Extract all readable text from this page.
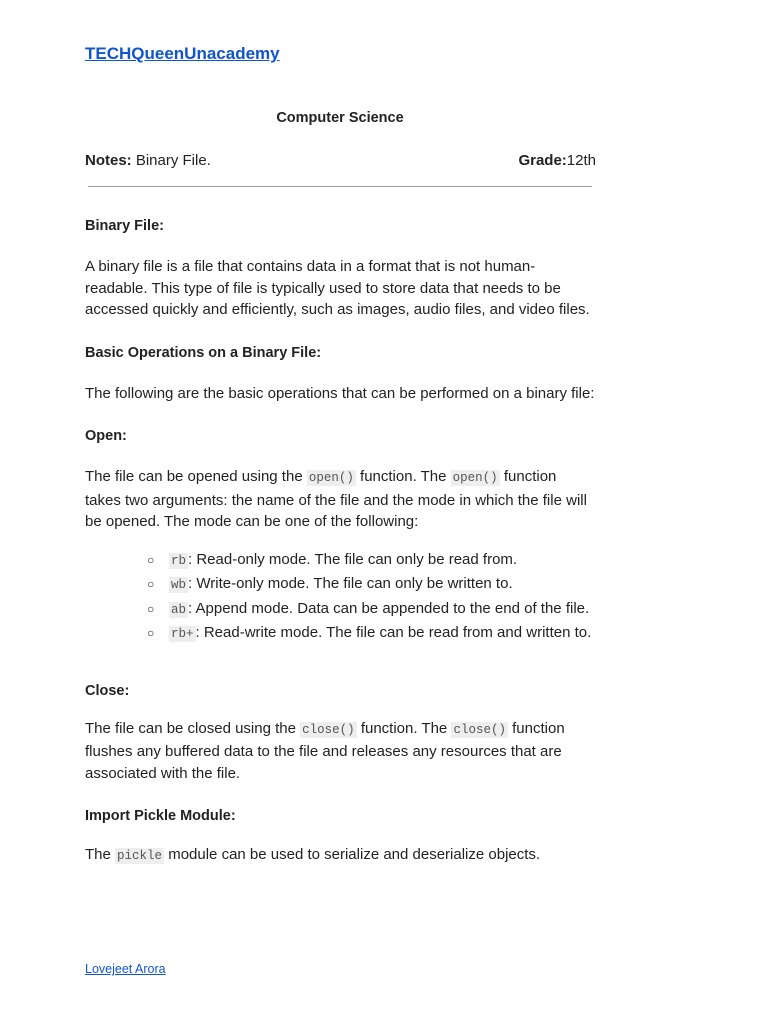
TECHQueenUnacademy
Computer Science
Notes: Binary File.	Grade:12th
Binary File:

A binary file is a file that contains data in a format that is not human-readable. This type of file is typically used to store data that needs to be accessed quickly and efficiently, such as images, audio files, and video files.

Basic Operations on a Binary File:

The following are the basic operations that can be performed on a binary file:

Open:

The file can be opened using the open() function. The open() function takes two arguments: the name of the file and the mode in which the file will be opened. The mode can be one of the following:

○ rb : Read-only mode. The file can only be read from.
○ wb : Write-only mode. The file can only be written to.
○ ab : Append mode. Data can be appended to the end of the file.
○ rb+ : Read-write mode. The file can be read from and written to.
Close:

The file can be closed using the close() function. The close() function flushes any buffered data to the file and releases any resources that are associated with the file.

Import Pickle Module:

The pickle module can be used to serialize and deserialize objects.

Lovejeet Arora
